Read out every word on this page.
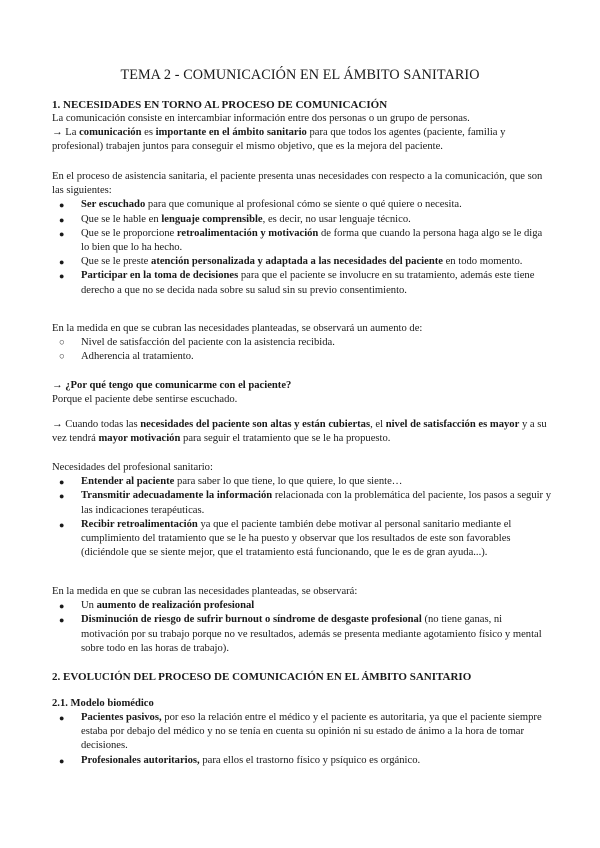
TEMA 2 - COMUNICACIÓN EN EL ÁMBITO SANITARIO
1. NECESIDADES EN TORNO AL PROCESO DE COMUNICACIÓN

La comunicación consiste en intercambiar información entre dos personas o un grupo de personas.

→ La comunicación es importante en el ámbito sanitario para que todos los agentes (paciente, familia y profesional) trabajen juntos para conseguir el mismo objetivo, que es la mejora del paciente.

En el proceso de asistencia sanitaria, el paciente presenta unas necesidades con respecto a la comunicación, que son las siguientes:

● Ser escuchado para que comunique al profesional cómo se siente o qué quiere o necesita.
● Que se le hable en lenguaje comprensible, es decir, no usar lenguaje técnico.
● Que se le proporcione retroalimentación y motivación de forma que cuando la persona haga algo se le diga lo bien que lo ha hecho.
● Que se le preste atención personalizada y adaptada a las necesidades del paciente en todo momento.
● Participar en la toma de decisiones para que el paciente se involucre en su tratamiento, además este tiene derecho a que no se decida nada sobre su salud sin su previo consentimiento.

En la medida en que se cubran las necesidades planteadas, se observará un aumento de:

○ Nivel de satisfacción del paciente con la asistencia recibida.
○ Adherencia al tratamiento.

→ ¿Por qué tengo que comunicarme con el paciente?

Porque el paciente debe sentirse escuchado.

→ Cuando todas las necesidades del paciente son altas y están cubiertas, el nivel de satisfacción es mayor y a su vez tendrá mayor motivación para seguir el tratamiento que se le ha propuesto.

Necesidades del profesional sanitario:

● Entender al paciente para saber lo que tiene, lo que quiere, lo que siente…
● Transmitir adecuadamente la información relacionada con la problemática del paciente, los pasos a seguir y las indicaciones terapéuticas.
● Recibir retroalimentación ya que el paciente también debe motivar al personal sanitario mediante el cumplimiento del tratamiento que se le ha puesto y observar que los resultados de este son favorables (diciéndole que se siente mejor, que el tratamiento está funcionando, que le es de gran ayuda...).

En la medida en que se cubran las necesidades planteadas, se observará:

● Un aumento de realización profesional
● Disminución de riesgo de sufrir burnout o síndrome de desgaste profesional (no tiene ganas, ni motivación por su trabajo porque no ve resultados, además se presenta mediante agotamiento físico y mental sobre todo en las horas de trabajo).
2. EVOLUCIÓN DEL PROCESO DE COMUNICACIÓN EN EL ÁMBITO SANITARIO
2.1. Modelo biomédico
● Pacientes pasivos, por eso la relación entre el médico y el paciente es autoritaria, ya que el paciente siempre estaba por debajo del médico y no se tenía en cuenta su opinión ni su estado de ánimo a la hora de tomar decisiones.
● Profesionales autoritarios, para ellos el trastorno físico y psíquico es orgánico.
